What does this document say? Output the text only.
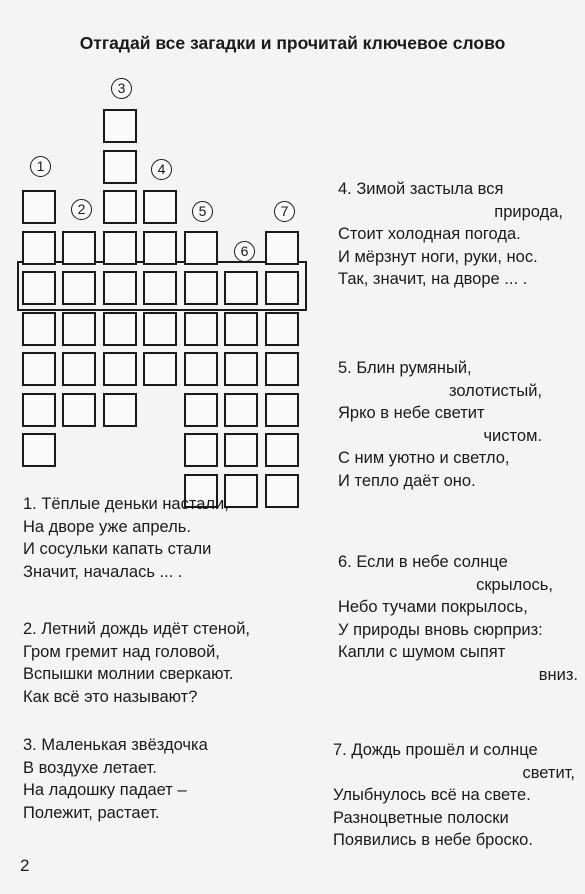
Отгадай все загадки и прочитай ключевое слово
1
2
3
4
5
6
7
1. Тёплые деньки настали,
На дворе уже апрель.
И сосульки капать стали
Значит, началась ... .
2. Летний дождь идёт стеной,
Гром гремит над головой,
Вспышки молнии сверкают.
Как всё это называют?
3. Маленькая звёздочка
В воздухе летает.
На ладошку падает –
Полежит, растает.
4. Зимой застыла вся
природа,
Стоит холодная погода.
И мёрзнут ноги, руки, нос.
Так, значит, на дворе ... .
5. Блин румяный,
золотистый,
Ярко в небе светит
чистом.
С ним уютно и светло,
И тепло даёт оно.
6. Если в небе солнце
скрылось,
Небо тучами покрылось,
У природы вновь сюрприз:
Капли с шумом сыпят
вниз.
7. Дождь прошёл и солнце
светит,
Улыбнулось всё на свете.
Разноцветные полоски
Появились в небе броско.
2
